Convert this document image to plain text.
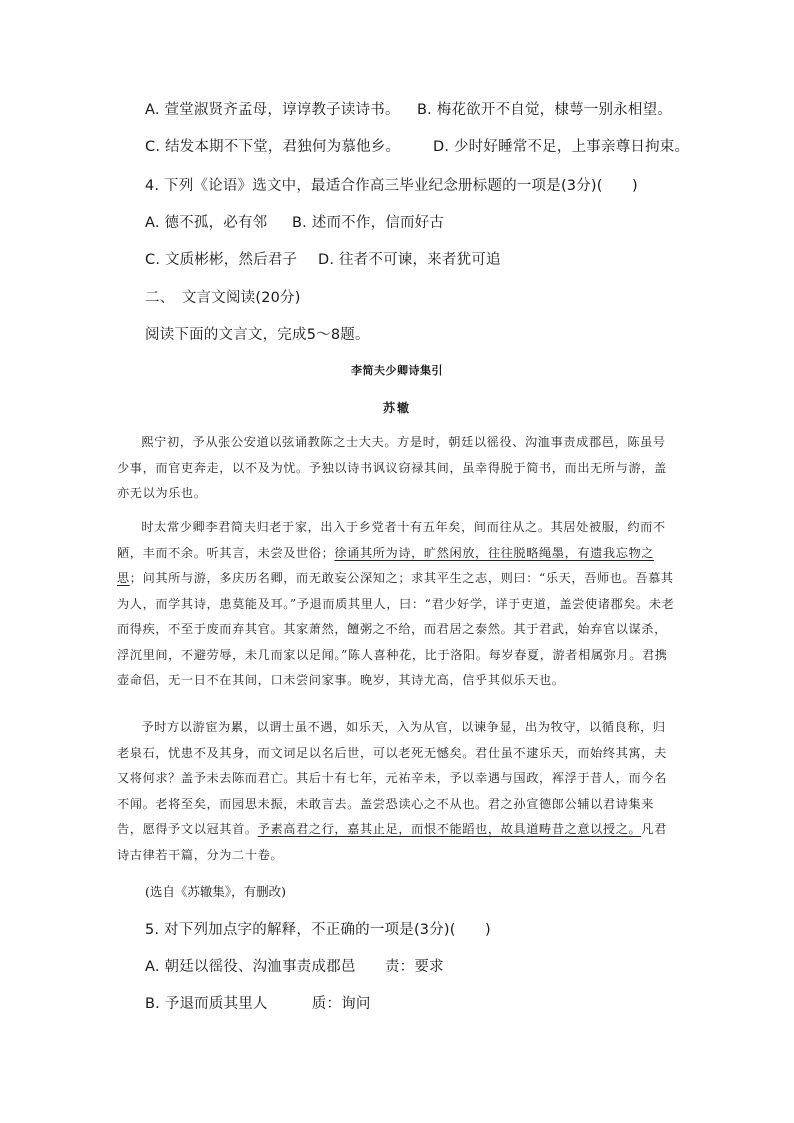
A. 萱堂淑贤齐孟母，谆谆教子读诗书。 B. 梅花欲开不自觉，棣萼一别永相望。
C. 结发本期不下堂，君独何为慕他乡。 D. 少时好睡常不足，上事亲尊日拘束。
4. 下列《论语》选文中，最适合作高三毕业纪念册标题的一项是(3分)(　　)
A. 德不孤，必有邻 B. 述而不作，信而好古
C. 文质彬彬，然后君子 D. 往者不可谏，来者犹可追
二、　文言文阅读(20分)
阅读下面的文言文，完成5～8题。
李简夫少卿诗集引
苏辙
熙宁初，予从张公安道以弦诵教陈之士大夫。方是时，朝廷以徭役、沟洫事责成郡邑，陈虽号少事，而官吏奔走，以不及为忧。予独以诗书讽议窃禄其间，虽幸得脱于简书，而出无所与游，盖亦无以为乐也。
时太常少卿李君简夫归老于家，出入于乡党者十有五年矣，间而往从之。其居处被服，约而不陋，丰而不余。听其言，未尝及世俗；徐诵其所为诗，旷然闲放，往往脱略绳墨，有遗我忘物之思；问其所与游，多庆历名卿，而无敢妄公深知之；求其平生之志，则曰：“乐天，吾师也。吾慕其为人，而学其诗，患莫能及耳。”予退而质其里人，曰：“君少好学，详于吏道，盖尝使诸郡矣。未老而得疾，不至于废而弃其官。其家萧然，饘粥之不给，而君居之泰然。其于君武，始弃官以谋杀，浮沉里间，不避劳辱，未几而家以足闻。”陈人喜种花，比于洛阳。每岁春夏，游者相属弥月。君携壶命侣，无一日不在其间，口未尝问家事。晚岁，其诗尤高，信乎其似乐天也。
予时方以游宦为累，以谓士虽不遇，如乐天，入为从官，以谏争显，出为牧守，以循良称，归老泉石，忧患不及其身，而文词足以名后世，可以老死无憾矣。君仕虽不逮乐天，而始终其寓，夫又将何求？盖予未去陈而君亡。其后十有七年，元祐辛未，予以幸遇与国政，裈浮于昔人，而今名不闻。老将至矣，而园思未振，未敢言去。盖尝恐读心之不从也。君之孙宣德郎公辅以君诗集来告，愿得予文以冠其首。予素高君之行，嘉其止足，而恨不能蹈也，故具道畴昔之意以授之。凡君诗古律若干篇，分为二十卷。
(选自《苏辙集》，有删改)
5. 对下列加点字的解释，不正确的一项是(3分)(　　)
A. 朝廷以徭役、沟洫事责成郡邑　　责：要求
B. 予退而质其里人　　　质：询问
